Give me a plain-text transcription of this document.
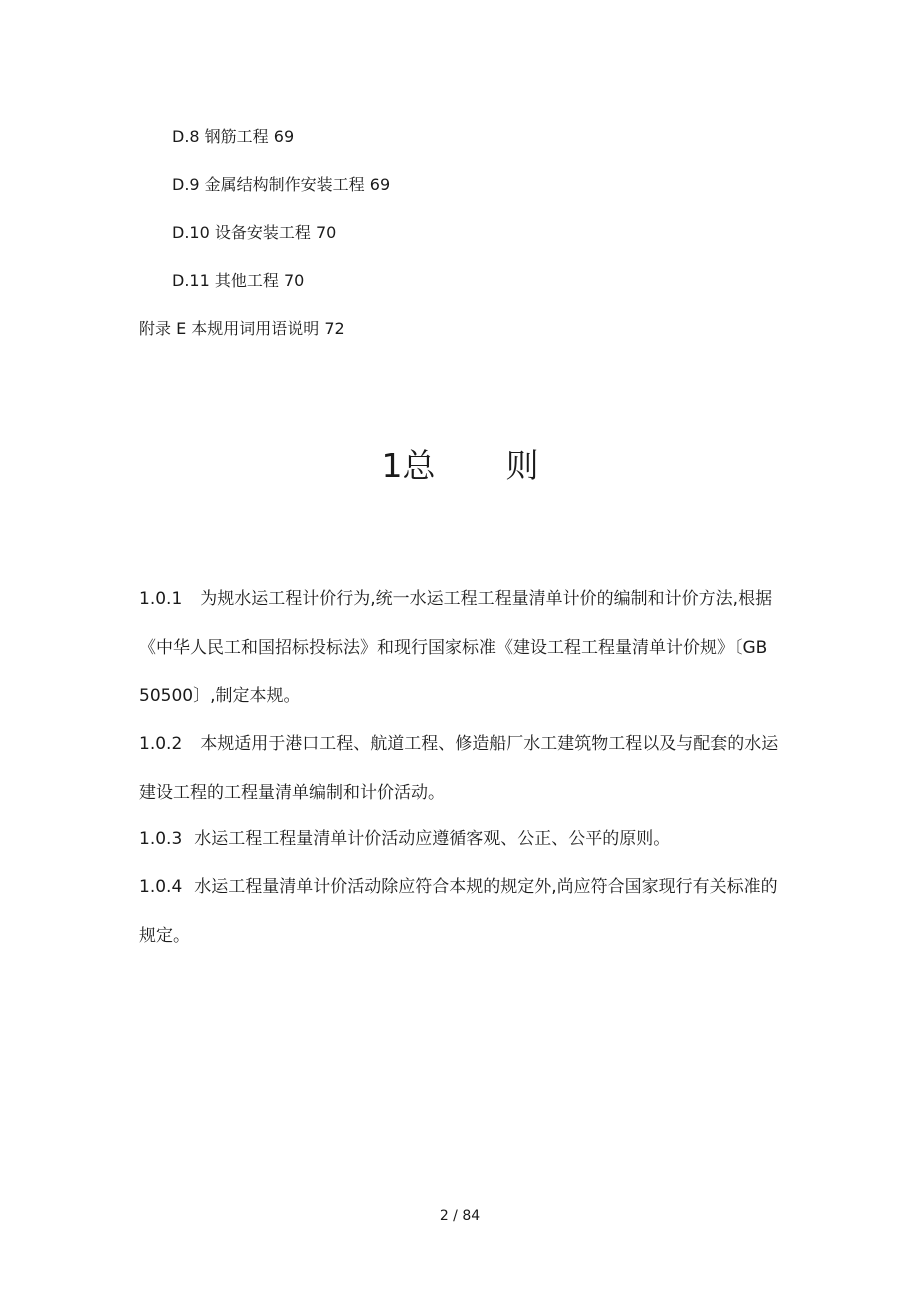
D.8 钢筋工程 69
D.9 金属结构制作安装工程 69
D.10 设备安装工程 70
D.11 其他工程 70
附录 E 本规用词用语说明 72
1总 则
1.0.1 为规水运工程计价行为,统一水运工程工程量清单计价的编制和计价方法,根据《中华人民工和国招标投标法》和现行国家标准《建设工程工程量清单计价规》〔GB 50500〕,制定本规。
1.0.2 本规适用于港口工程、航道工程、修造船厂水工建筑物工程以及与配套的水运建设工程的工程量清单编制和计价活动。
1.0.3 水运工程工程量清单计价活动应遵循客观、公正、公平的原则。
1.0.4 水运工程量清单计价活动除应符合本规的规定外,尚应符合国家现行有关标准的规定。
2 / 84
